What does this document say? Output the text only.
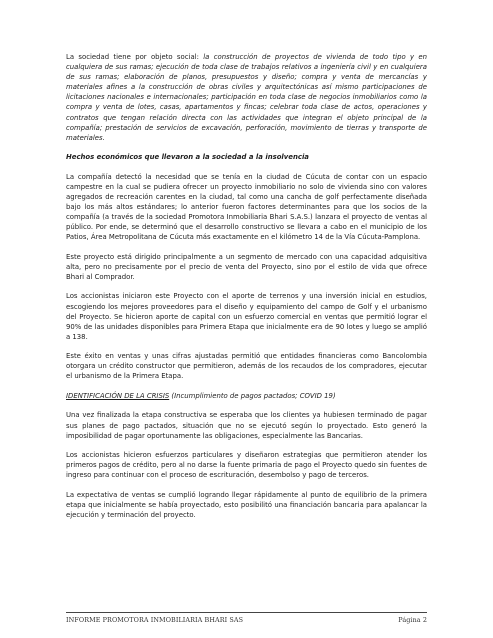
La sociedad tiene por objeto social: la construcción de proyectos de vivienda de todo tipo y en cualquiera de sus ramas; ejecución de toda clase de trabajos relativos a ingeniería civil y en cualquiera de sus ramas; elaboración de planos, presupuestos y diseño; compra y venta de mercancías y materiales afines a la construcción de obras civiles y arquitectónicas así mismo participaciones de licitaciones nacionales e internacionales; participación en toda clase de negocios inmobiliarios como la compra y venta de lotes, casas, apartamentos y fincas; celebrar toda clase de actos, operaciones y contratos que tengan relación directa con las actividades que integran el objeto principal de la compañía; prestación de servicios de excavación, perforación, movimiento de tierras y transporte de materiales.

Hechos económicos que llevaron a la sociedad a la insolvencia

La compañía detectó la necesidad que se tenía en la ciudad de Cúcuta de contar con un espacio campestre en la cual se pudiera ofrecer un proyecto inmobiliario no solo de vivienda sino con valores agregados de recreación carentes en la ciudad, tal como una cancha de golf perfectamente diseñada bajo los más altos estándares; lo anterior fueron factores determinantes para que los socios de la compañía (a través de la sociedad Promotora Inmobiliaria Bhari S.A.S.) lanzara el proyecto de ventas al público. Por ende, se determinó que el desarrollo constructivo se llevara a cabo en el municipio de los Patios, Área Metropolitana de Cúcuta más exactamente en el kilómetro 14 de la Vía Cúcuta-Pamplona.

Este proyecto está dirigido principalmente a un segmento de mercado con una capacidad adquisitiva alta, pero no precisamente por el precio de venta del Proyecto, sino por el estilo de vida que ofrece Bhari al Comprador.

Los accionistas iniciaron este Proyecto con el aporte de terrenos y una inversión inicial en estudios, escogiendo los mejores proveedores para el diseño y equipamiento del campo de Golf y el urbanismo del Proyecto. Se hicieron aporte de capital con un esfuerzo comercial en ventas que permitió lograr el 90% de las unidades disponibles para Primera Etapa que inicialmente era de 90 lotes y luego se amplió a 138.

Este éxito en ventas y unas cifras ajustadas permitió que entidades financieras como Bancolombia otorgara un crédito constructor que permitieron, además de los recaudos de los compradores, ejecutar el urbanismo de la Primera Etapa.

IDENTIFICACIÓN DE LA CRISIS (Incumplimiento de pagos pactados; COVID 19)

Una vez finalizada la etapa constructiva se esperaba que los clientes ya hubiesen terminado de pagar sus planes de pago pactados, situación que no se ejecutó según lo proyectado. Esto generó la imposibilidad de pagar oportunamente las obligaciones, especialmente las Bancarias.

Los accionistas hicieron esfuerzos particulares y diseñaron estrategias que permitieron atender los primeros pagos de crédito, pero al no darse la fuente primaria de pago el Proyecto quedo sin fuentes de ingreso para continuar con el proceso de escrituración, desembolso y pago de terceros.

La expectativa de ventas se cumplió logrando llegar rápidamente al punto de equilibrio de la primera etapa que inicialmente se había proyectado, esto posibilitó una financiación bancaria para apalancar la ejecución y terminación del proyecto.

INFORME PROMOTORA INMOBILIARIA BHARI SAS	Página 2
